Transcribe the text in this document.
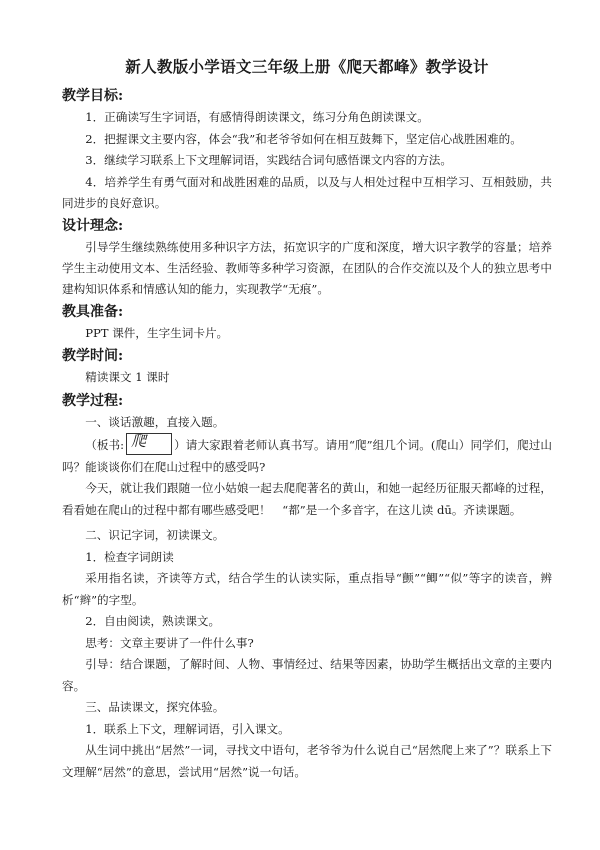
新人教版小学语文三年级上册《爬天都峰》教学设计
教学目标:
1．正确读写生字词语，有感情得朗读课文，练习分角色朗读课文。
2．把握课文主要内容，体会“我”和老爷爷如何在相互鼓舞下，坚定信心战胜困难的。
3．继续学习联系上下文理解词语，实践结合词句感悟课文内容的方法。
4．培养学生有勇气面对和战胜困难的品质，以及与人相处过程中互相学习、互相鼓励，共同进步的良好意识。
设计理念:
引导学生继续熟练使用多种识字方法，拓宽识字的广度和深度，增大识字教学的容量；培养学生主动使用文本、生活经验、教师等多种学习资源，在团队的合作交流以及个人的独立思考中建构知识体系和情感认知的能力，实现教学“无痕”。
教具准备:
PPT 课件，生字生词卡片。
教学时间:
精读课文 1 课时
教学过程:
一、谈话激趣，直接入题。
（板书: 爬 ）请大家跟着老师认真书写。请用“爬”组几个词。(爬山）同学们，爬过山吗？能谈谈你们在爬山过程中的感受吗?
今天，就让我们跟随一位小姑娘一起去爬爬著名的黄山，和她一起经历征服天都峰的过程，看看她在爬山的过程中都有哪些感受吧！　“都”是一个多音字，在这儿读 dū。齐读课题。
二、识记字词，初读课文。
1．检查字词朗读
采用指名读，齐读等方式，结合学生的认读实际，重点指导“颤”“鲫”“似”等字的读音，辨析“辫”的字型。
2．自由阅读，熟读课文。
思考：文章主要讲了一件什么事?
引导：结合课题，了解时间、人物、事情经过、结果等因素，协助学生概括出文章的主要内容。
三、品读课文，探究体验。
1．联系上下文，理解词语，引入课文。
从生词中挑出“居然”一词，寻找文中语句，老爷爷为什么说自己“居然爬上来了”？联系上下文理解“居然”的意思，尝试用“居然”说一句话。
